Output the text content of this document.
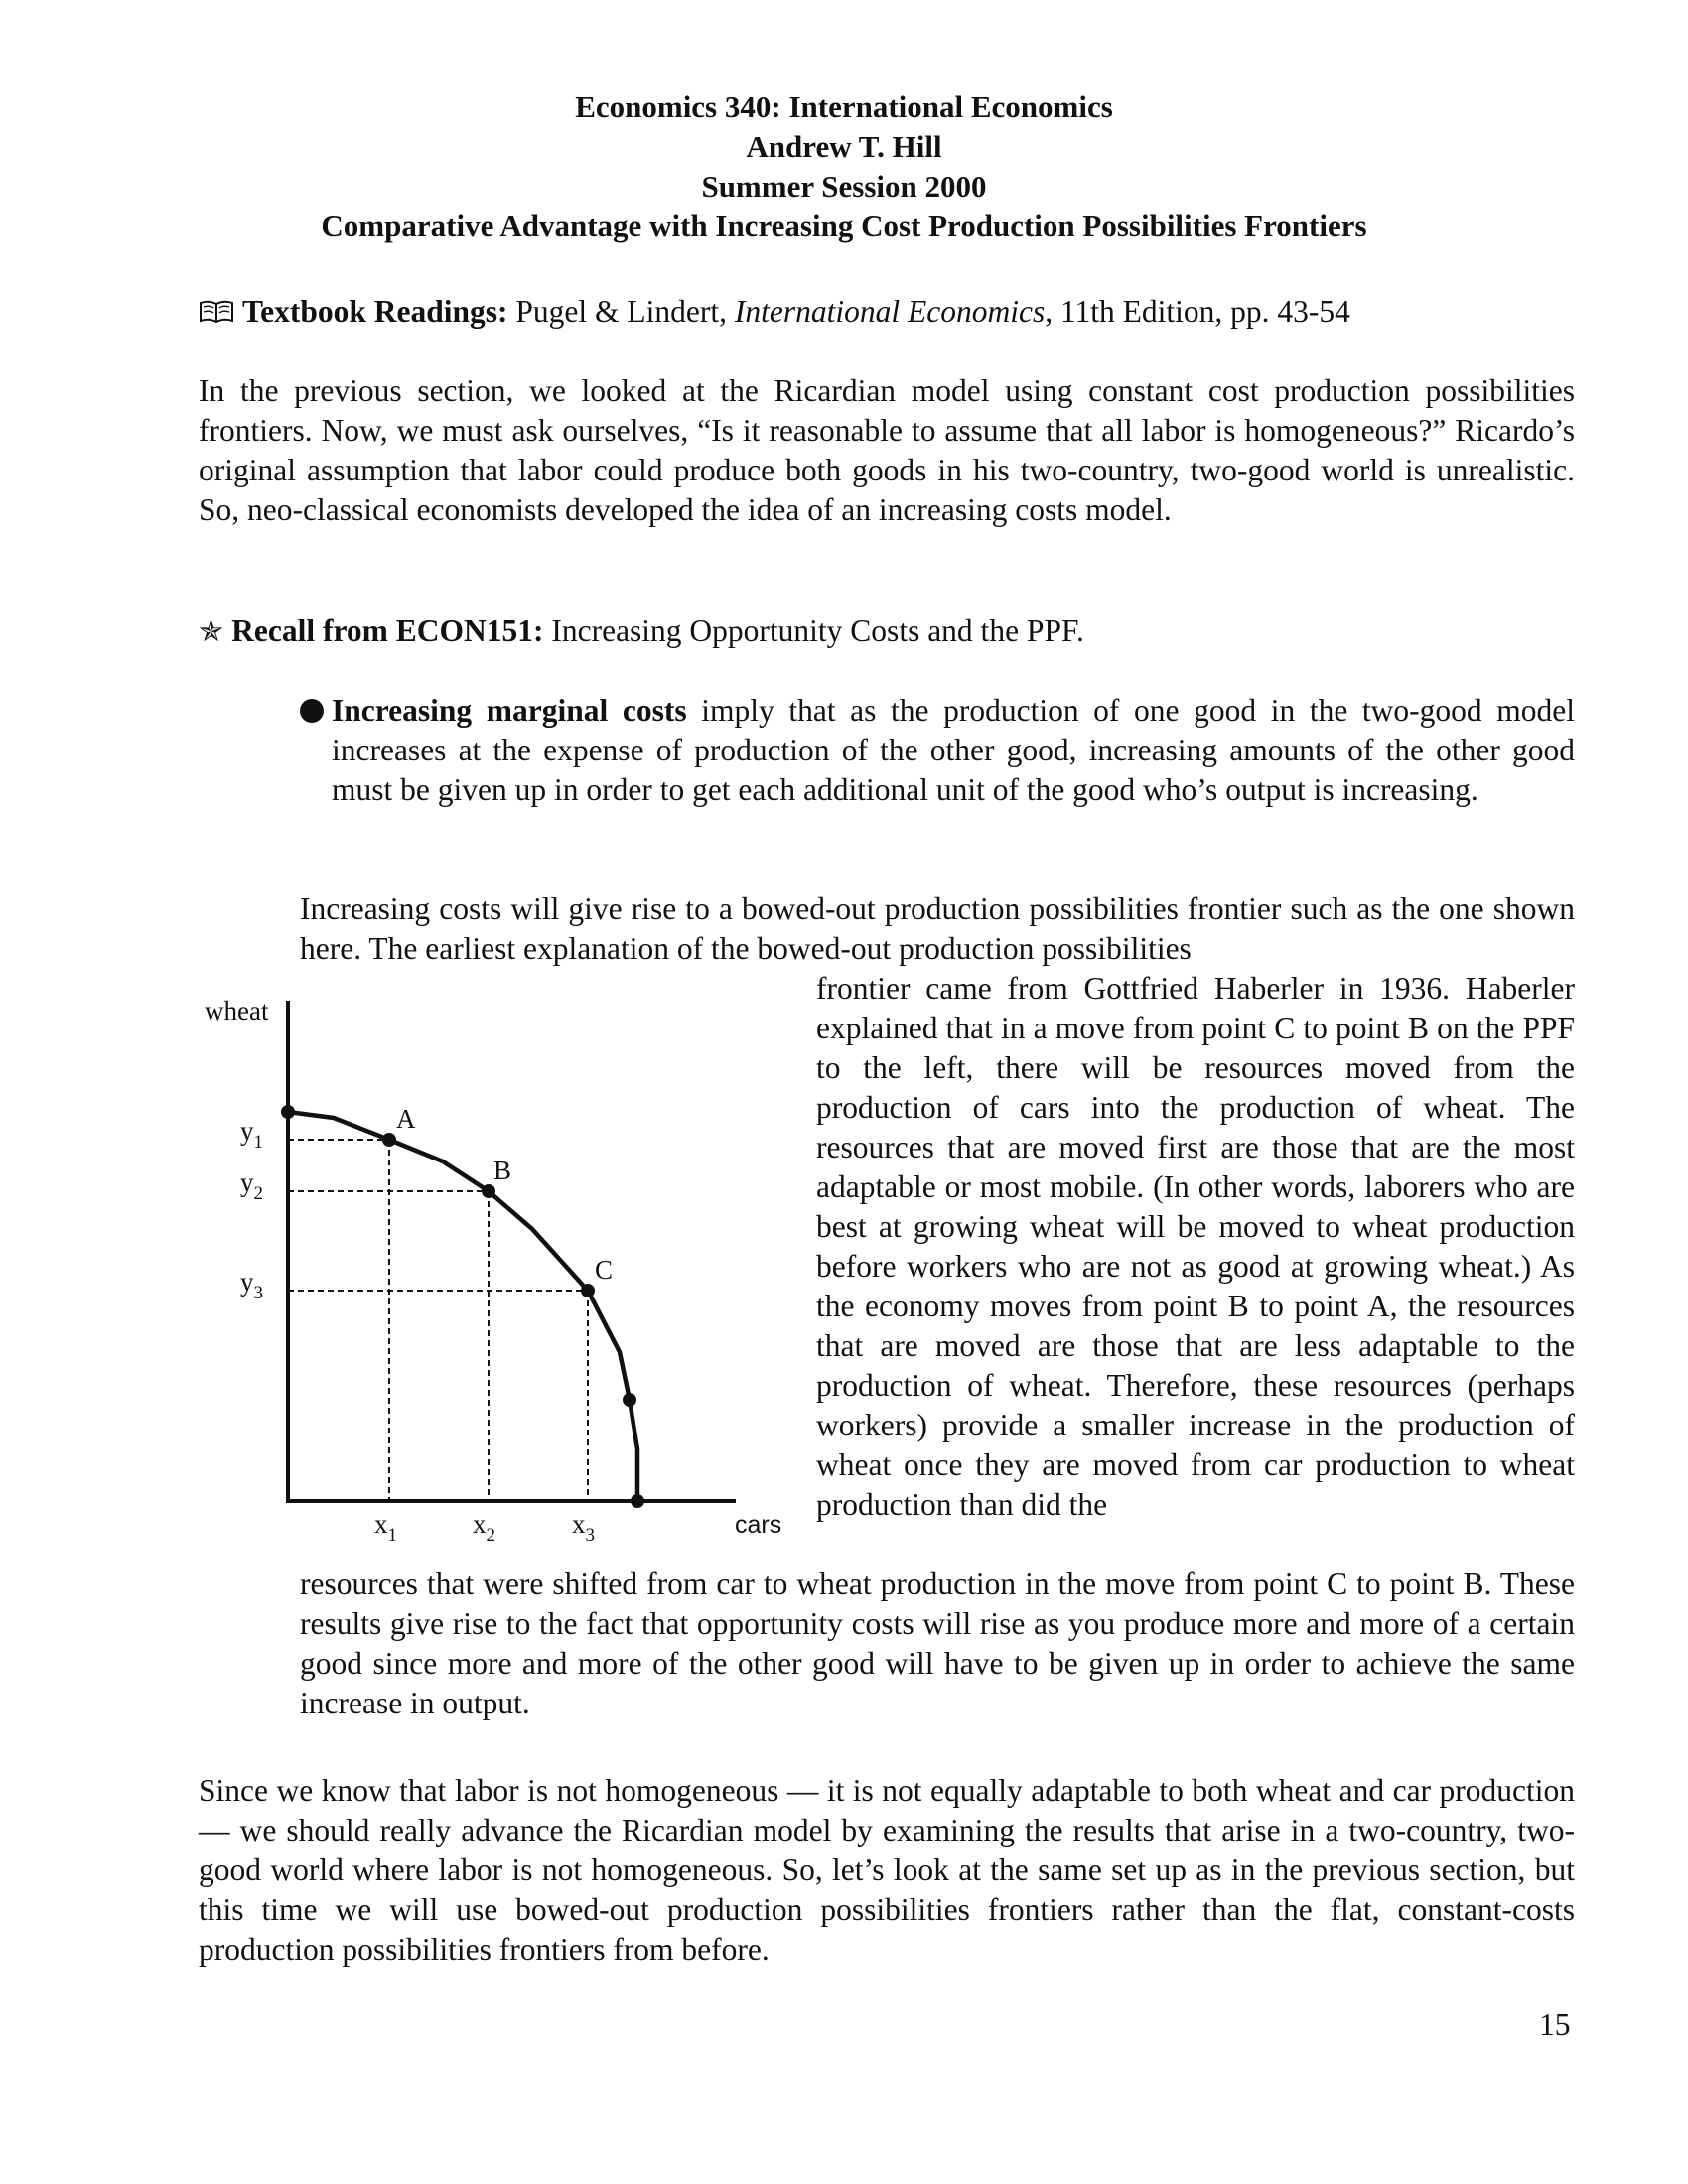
Economics 340: International Economics
Andrew T. Hill
Summer Session 2000
Comparative Advantage with Increasing Cost Production Possibilities Frontiers
Textbook Readings: Pugel & Lindert, International Economics, 11th Edition, pp. 43-54
In the previous section, we looked at the Ricardian model using constant cost production possibilities frontiers. Now, we must ask ourselves, “Is it reasonable to assume that all labor is homogeneous?” Ricardo’s original assumption that labor could produce both goods in his two-country, two-good world is unrealistic. So, neo-classical economists developed the idea of an increasing costs model.
✯ Recall from ECON151: Increasing Opportunity Costs and the PPF.
Increasing marginal costs imply that as the production of one good in the two-good model increases at the expense of production of the other good, increasing amounts of the other good must be given up in order to get each additional unit of the good who’s output is increasing.
Increasing costs will give rise to a bowed-out production possibilities frontier such as the one shown here. The earliest explanation of the bowed-out production possibilities
A
B
C
wheat
cars
$y_1$
$y_2$
$y_3$
$x_1$	$x_2$	$x_3$
frontier came from Gottfried Haberler in 1936. Haberler explained that in a move from point C to point B on the PPF to the left, there will be resources moved from the production of cars into the production of wheat. The resources that are moved first are those that are the most adaptable or most mobile. (In other words, laborers who are best at growing wheat will be moved to wheat production before workers who are not as good at growing wheat.) As the economy moves from point B to point A, the resources that are moved are those that are less adaptable to the production of wheat. Therefore, these resources (perhaps workers) provide a smaller increase in the production of wheat once they are moved from car production to wheat production than did the
resources that were shifted from car to wheat production in the move from point C to point B. These results give rise to the fact that opportunity costs will rise as you produce more and more of a certain good since more and more of the other good will have to be given up in order to achieve the same increase in output.
Since we know that labor is not homogeneous — it is not equally adaptable to both wheat and car production — we should really advance the Ricardian model by examining the results that arise in a two-country, two-good world where labor is not homogeneous. So, let’s look at the same set up as in the previous section, but this time we will use bowed-out production possibilities frontiers rather than the flat, constant-costs production possibilities frontiers from before.
15
